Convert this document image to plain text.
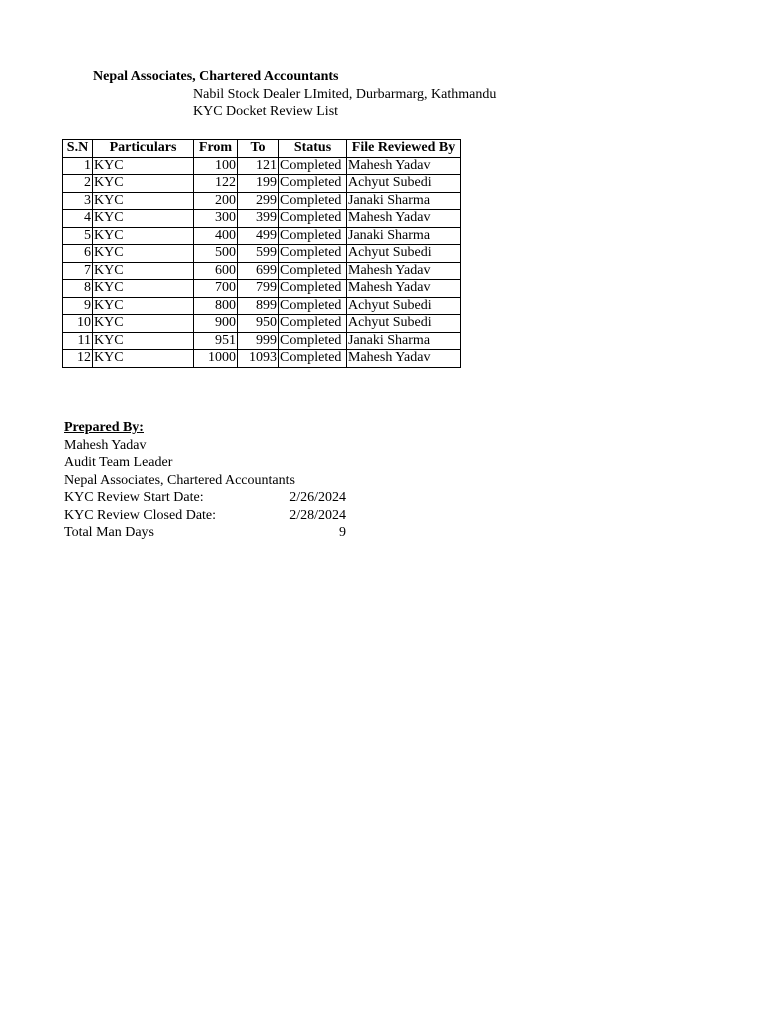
Nepal Associates, Chartered Accountants
Nabil Stock Dealer LImited, Durbarmarg, Kathmandu
KYC Docket Review List
S.N	Particulars	From	To	Status	File Reviewed By
1	KYC	100	121	Completed	Mahesh Yadav
2	KYC	122	199	Completed	Achyut Subedi
3	KYC	200	299	Completed	Janaki Sharma
4	KYC	300	399	Completed	Mahesh Yadav
5	KYC	400	499	Completed	Janaki Sharma
6	KYC	500	599	Completed	Achyut Subedi
7	KYC	600	699	Completed	Mahesh Yadav
8	KYC	700	799	Completed	Mahesh Yadav
9	KYC	800	899	Completed	Achyut Subedi
10	KYC	900	950	Completed	Achyut Subedi
11	KYC	951	999	Completed	Janaki Sharma
12	KYC	1000	1093	Completed	Mahesh Yadav
Prepared By:
Mahesh Yadav
Audit Team Leader
Nepal Associates, Chartered Accountants
KYC Review Start Date:	2/26/2024
KYC Review Closed Date:	2/28/2024
Total Man Days	9
